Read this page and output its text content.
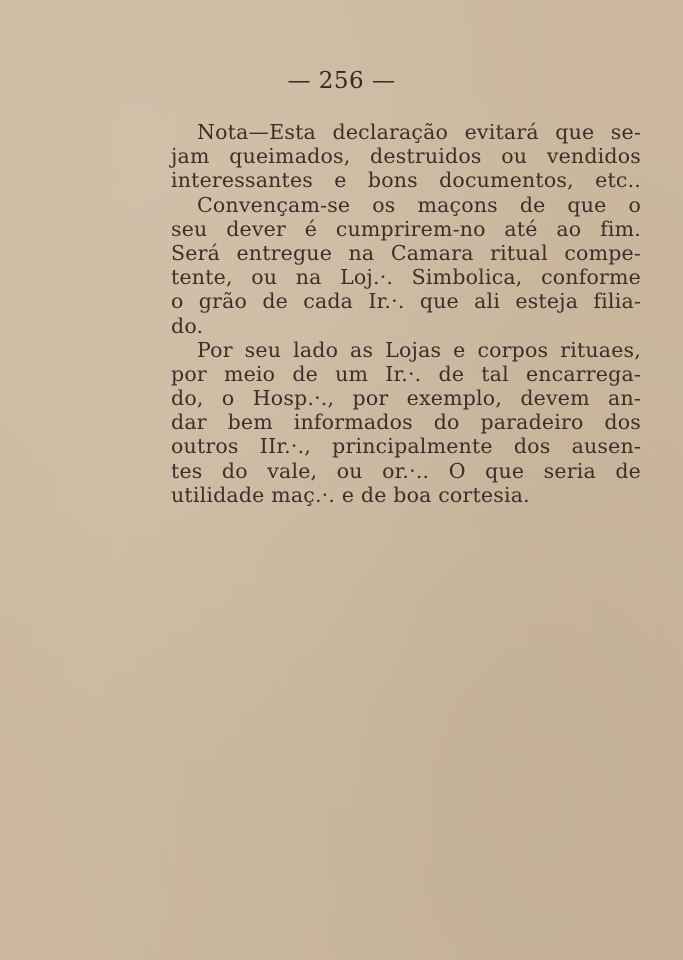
— 256 —
Nota—Esta declaração evitará que se-
jam queimados, destruidos ou vendidos
interessantes e bons documentos, etc..
Convençam-se os maçons de que o
seu dever é cumprirem-no até ao fim.
Será entregue na Camara ritual compe-
tente, ou na Loj.·. Simbolica, conforme
o grão de cada Ir.·. que ali esteja filia-
do.
Por seu lado as Lojas e corpos rituaes,
por meio de um Ir.·. de tal encarrega-
do, o Hosp.·., por exemplo, devem an-
dar bem informados do paradeiro dos
outros IIr.·., principalmente dos ausen-
tes do vale, ou or.·.. O que seria de
utilidade maç.·. e de boa cortesia.
